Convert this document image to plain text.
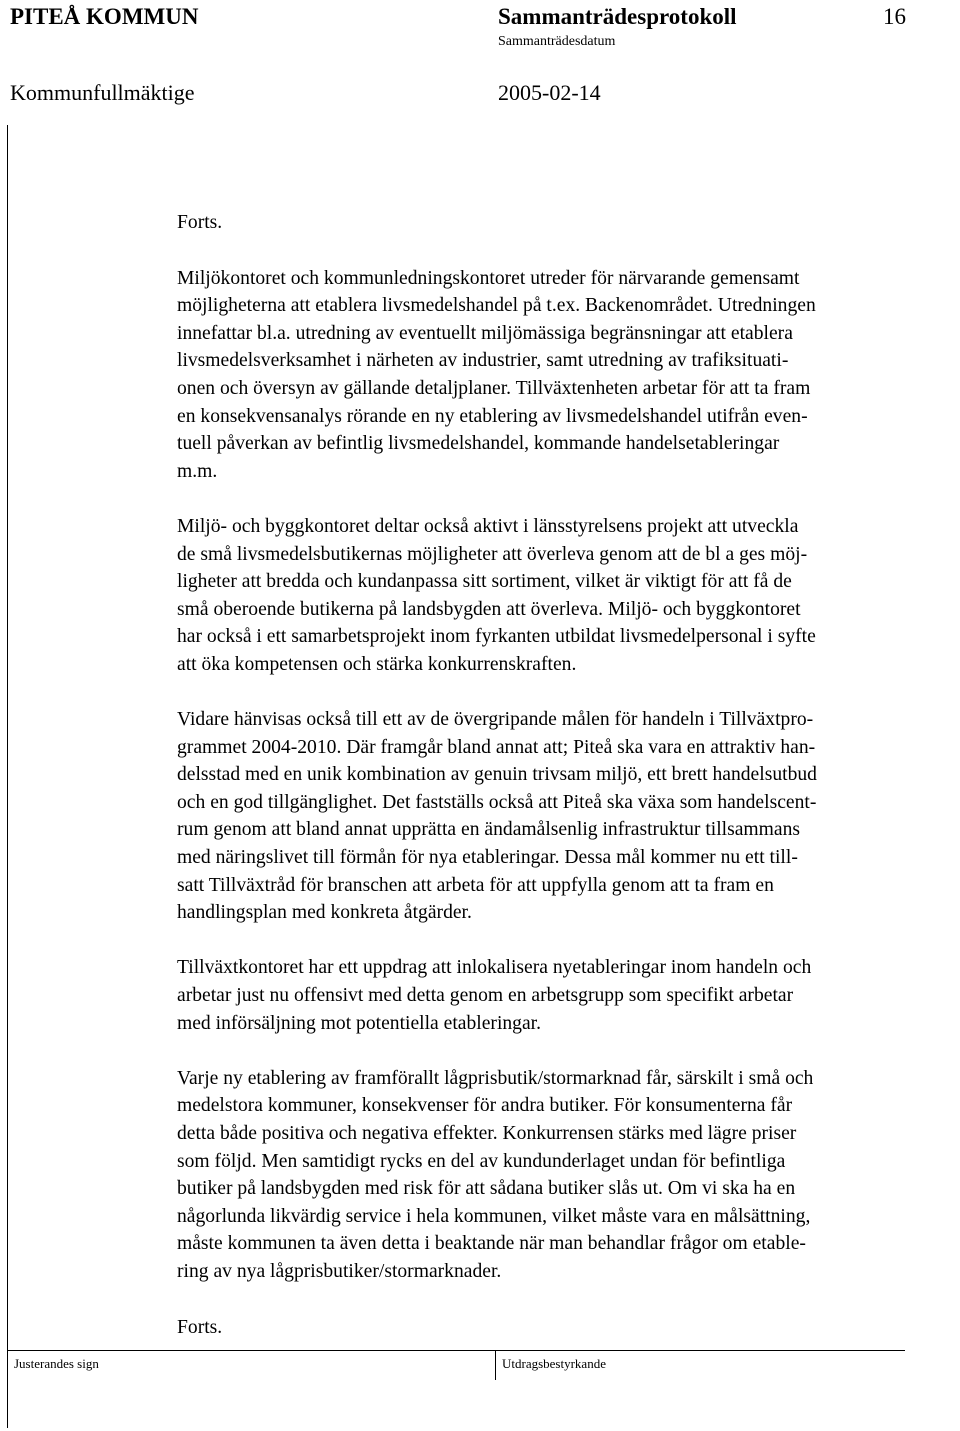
PITEÅ KOMMUN	Sammanträdesprotokoll	16
Sammanträdesdatum
Kommunfullmäktige	2005-02-14

Forts.

Miljökontoret och kommunledningskontoret utreder för närvarande gemensamt
möjligheterna att etablera livsmedelshandel på t.ex. Backenområdet. Utredningen
innefattar bl.a. utredning av eventuellt miljömässiga begränsningar att etablera
livsmedelsverksamhet i närheten av industrier, samt utredning av trafiksituati-
onen och översyn av gällande detaljplaner. Tillväxtenheten arbetar för att ta fram
en konsekvensanalys rörande en ny etablering av livsmedelshandel utifrån even-
tuell påverkan av befintlig livsmedelshandel, kommande handelsetableringar
m.m.

Miljö- och byggkontoret deltar också aktivt i länsstyrelsens projekt att utveckla
de små livsmedelsbutikernas möjligheter att överleva genom att de bl a ges möj-
ligheter att bredda och kundanpassa sitt sortiment, vilket är viktigt för att få de
små oberoende butikerna på landsbygden att överleva. Miljö- och byggkontoret
har också i ett samarbetsprojekt inom fyrkanten utbildat livsmedelpersonal i syfte
att öka kompetensen och stärka konkurrenskraften.

Vidare hänvisas också till ett av de övergripande målen för handeln i Tillväxtpro-
grammet 2004-2010. Där framgår bland annat att; Piteå ska vara en attraktiv han-
delsstad med en unik kombination av genuin trivsam miljö, ett brett handelsutbud
och en god tillgänglighet. Det fastställs också att Piteå ska växa som handelscent-
rum genom att bland annat upprätta en ändamålsenlig infrastruktur tillsammans
med näringslivet till förmån för nya etableringar. Dessa mål kommer nu ett till-
satt Tillväxtråd för branschen att arbeta för att uppfylla genom att ta fram en
handlingsplan med konkreta åtgärder.

Tillväxtkontoret har ett uppdrag att inlokalisera nyetableringar inom handeln och
arbetar just nu offensivt med detta genom en arbetsgrupp som specifikt arbetar
med införsäljning mot potentiella etableringar.

Varje ny etablering av framförallt lågprisbutik/stormarknad får, särskilt i små och
medelstora kommuner, konsekvenser för andra butiker. För konsumenterna får
detta både positiva och negativa effekter. Konkurrensen stärks med lägre priser
som följd. Men samtidigt rycks en del av kundunderlaget undan för befintliga
butiker på landsbygden med risk för att sådana butiker slås ut. Om vi ska ha en
någorlunda likvärdig service i hela kommunen, vilket måste vara en målsättning,
måste kommunen ta även detta i beaktande när man behandlar frågor om etable-
ring av nya lågprisbutiker/stormarknader.

Forts.

Justerandes sign	Utdragsbestyrkande
